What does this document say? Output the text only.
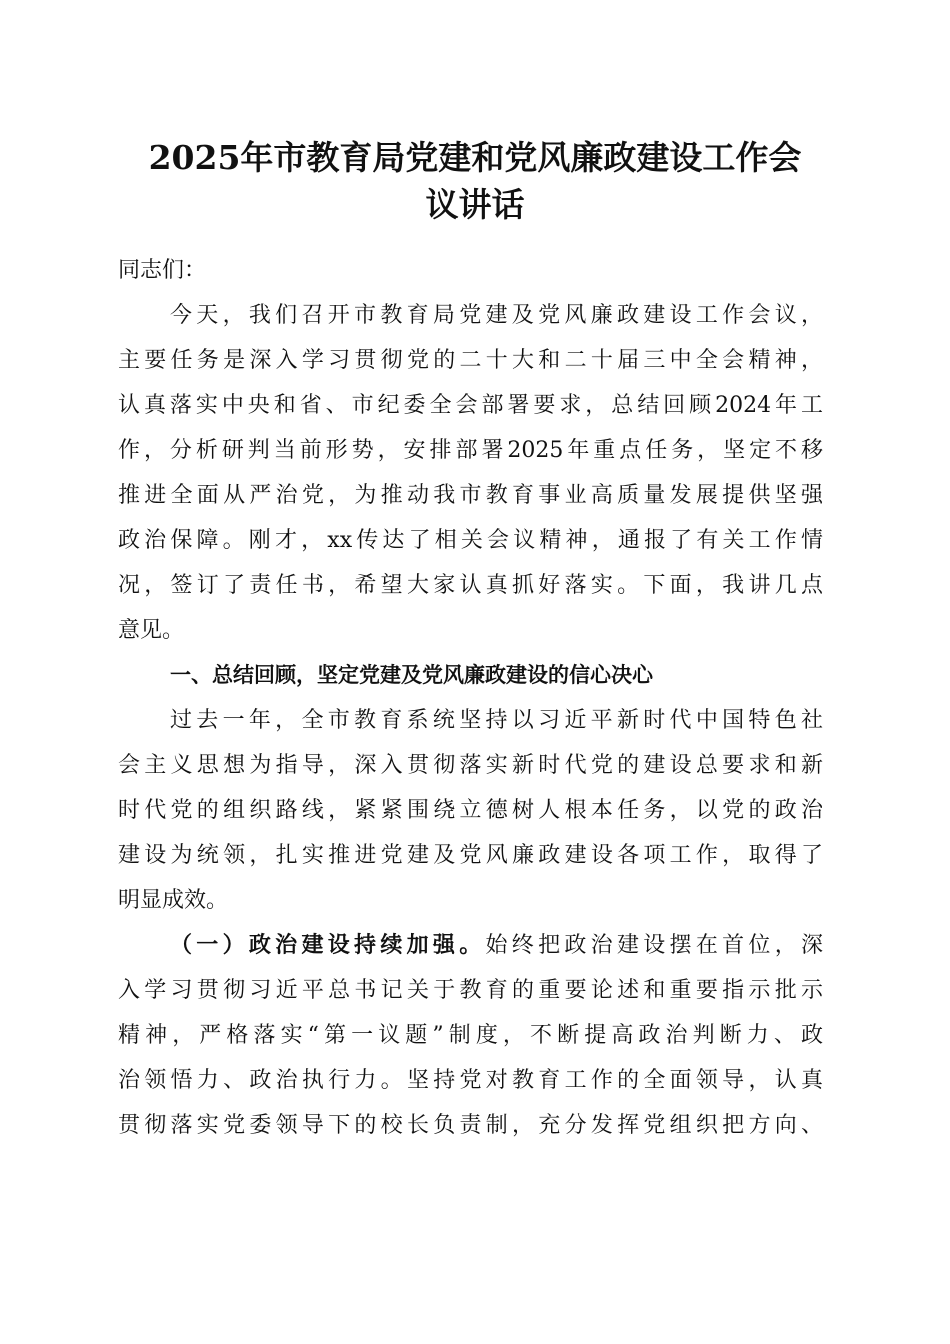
2025年市教育局党建和党风廉政建设工作会
议讲话
同志们：
今天，我们召开市教育局党建及党风廉政建设工作会议，
主要任务是深入学习贯彻党的二十大和二十届三中全会精神，
认真落实中央和省、市纪委全会部署要求，总结回顾2024年工
作，分析研判当前形势，安排部署2025年重点任务，坚定不移
推进全面从严治党，为推动我市教育事业高质量发展提供坚强
政治保障。刚才，xx传达了相关会议精神，通报了有关工作情
况，签订了责任书，希望大家认真抓好落实。下面，我讲几点
意见。
一、总结回顾，坚定党建及党风廉政建设的信心决心
过去一年，全市教育系统坚持以习近平新时代中国特色社
会主义思想为指导，深入贯彻落实新时代党的建设总要求和新
时代党的组织路线，紧紧围绕立德树人根本任务，以党的政治
建设为统领，扎实推进党建及党风廉政建设各项工作，取得了
明显成效。
（一）政治建设持续加强。始终把政治建设摆在首位，深
入学习贯彻习近平总书记关于教育的重要论述和重要指示批示
精神，严格落实“第一议题”制度，不断提高政治判断力、政
治领悟力、政治执行力。坚持党对教育工作的全面领导，认真
贯彻落实党委领导下的校长负责制，充分发挥党组织把方向、
